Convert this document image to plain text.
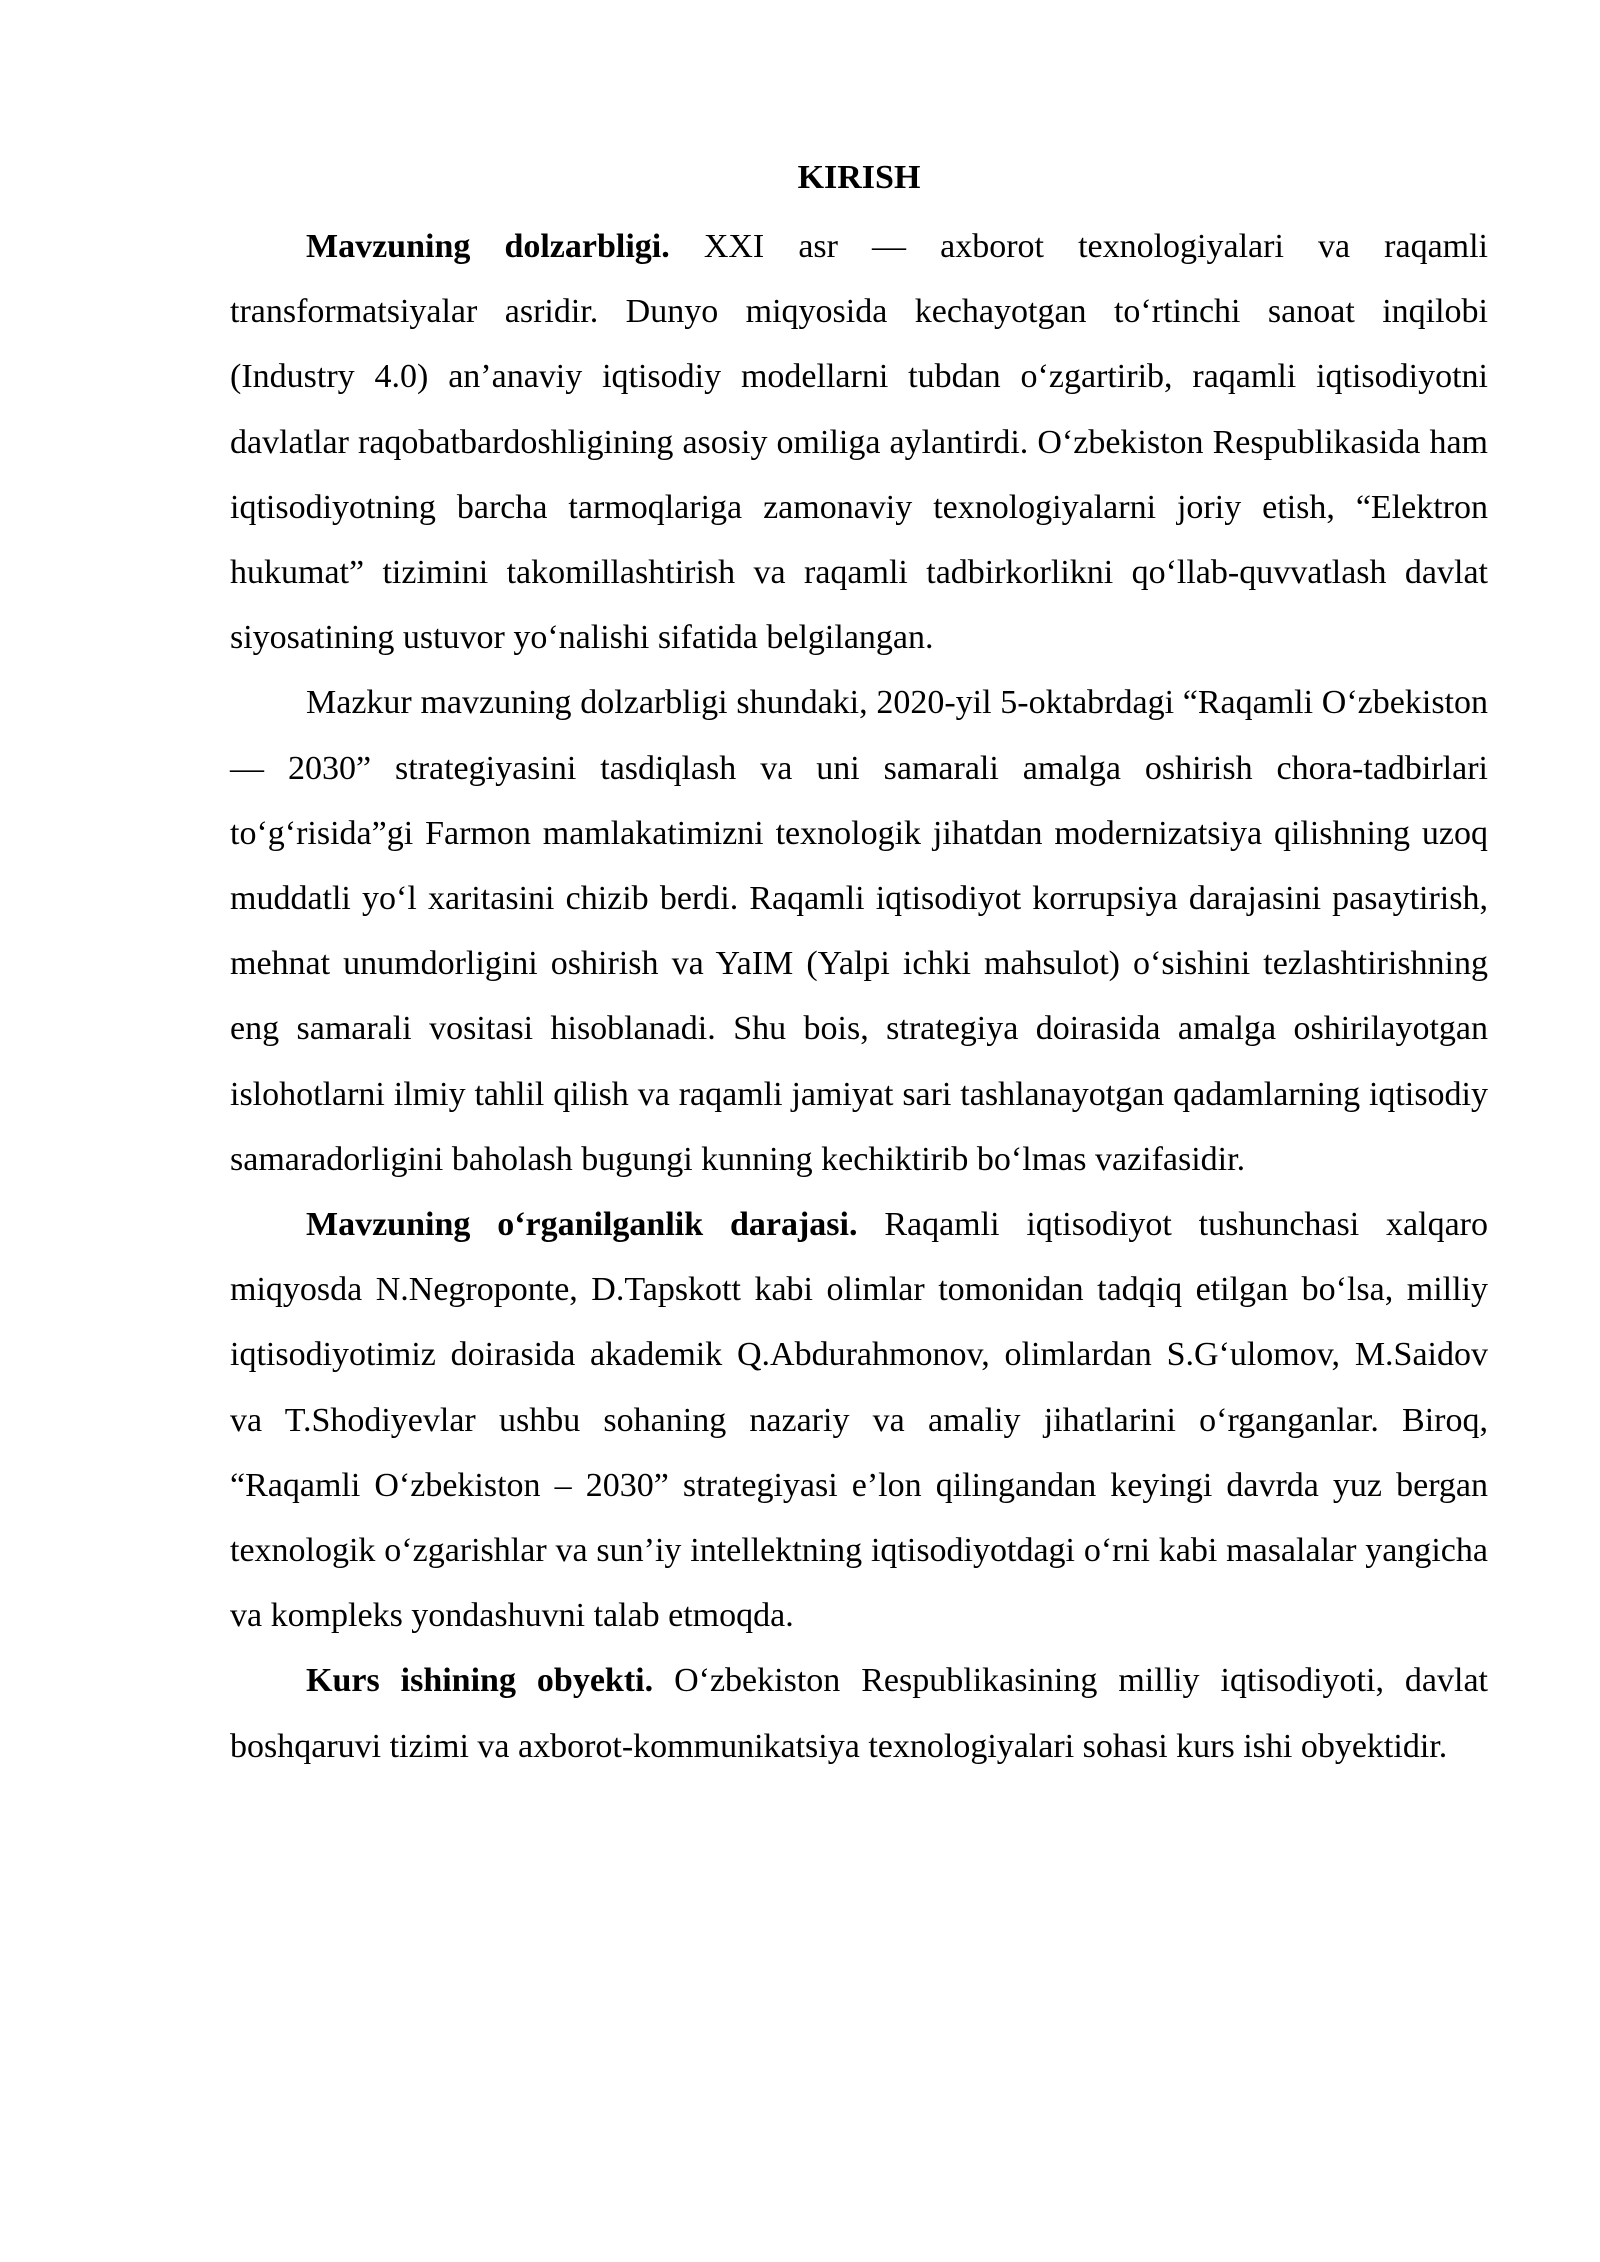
KIRISH

Mavzuning dolzarbligi. XXI asr — axborot texnologiyalari va raqamli transformatsiyalar asridir. Dunyo miqyosida kechayotgan to‘rtinchi sanoat inqilobi (Industry 4.0) an’anaviy iqtisodiy modellarni tubdan o‘zgartirib, raqamli iqtisodiyotni davlatlar raqobatbardoshligining asosiy omiliga aylantirdi. O‘zbekiston Respublikasida ham iqtisodiyotning barcha tarmoqlariga zamonaviy texnologiyalarni joriy etish, “Elektron hukumat” tizimini takomillashtirish va raqamli tadbirkorlikni qo‘llab-quvvatlash davlat siyosatining ustuvor yo‘nalishi sifatida belgilangan.

Mazkur mavzuning dolzarbligi shundaki, 2020-yil 5-oktabrdagi “Raqamli O‘zbekiston — 2030” strategiyasini tasdiqlash va uni samarali amalga oshirish chora-tadbirlari to‘g‘risida”gi Farmon mamlakatimizni texnologik jihatdan modernizatsiya qilishning uzoq muddatli yo‘l xaritasini chizib berdi. Raqamli iqtisodiyot korrupsiya darajasini pasaytirish, mehnat unumdorligini oshirish va YaIM (Yalpi ichki mahsulot) o‘sishini tezlashtirishning eng samarali vositasi hisoblanadi. Shu bois, strategiya doirasida amalga oshirilayotgan islohotlarni ilmiy tahlil qilish va raqamli jamiyat sari tashlanayotgan qadamlarning iqtisodiy samaradorligini baholash bugungi kunning kechiktirib bo‘lmas vazifasidir.

Mavzuning o‘rganilganlik darajasi. Raqamli iqtisodiyot tushunchasi xalqaro miqyosda N.Negroponte, D.Tapskott kabi olimlar tomonidan tadqiq etilgan bo‘lsa, milliy iqtisodiyotimiz doirasida akademik Q.Abdurahmonov, olimlardan S.G‘ulomov, M.Saidov va T.Shodiyevlar ushbu sohaning nazariy va amaliy jihatlarini o‘rganganlar. Biroq, “Raqamli O‘zbekiston – 2030” strategiyasi e’lon qilingandan keyingi davrda yuz bergan texnologik o‘zgarishlar va sun’iy intellektning iqtisodiyotdagi o‘rni kabi masalalar yangicha va kompleks yondashuvni talab etmoqda.

Kurs ishining obyekti. O‘zbekiston Respublikasining milliy iqtisodiyoti, davlat boshqaruvi tizimi va axborot-kommunikatsiya texnologiyalari sohasi kurs ishi obyektidir.
